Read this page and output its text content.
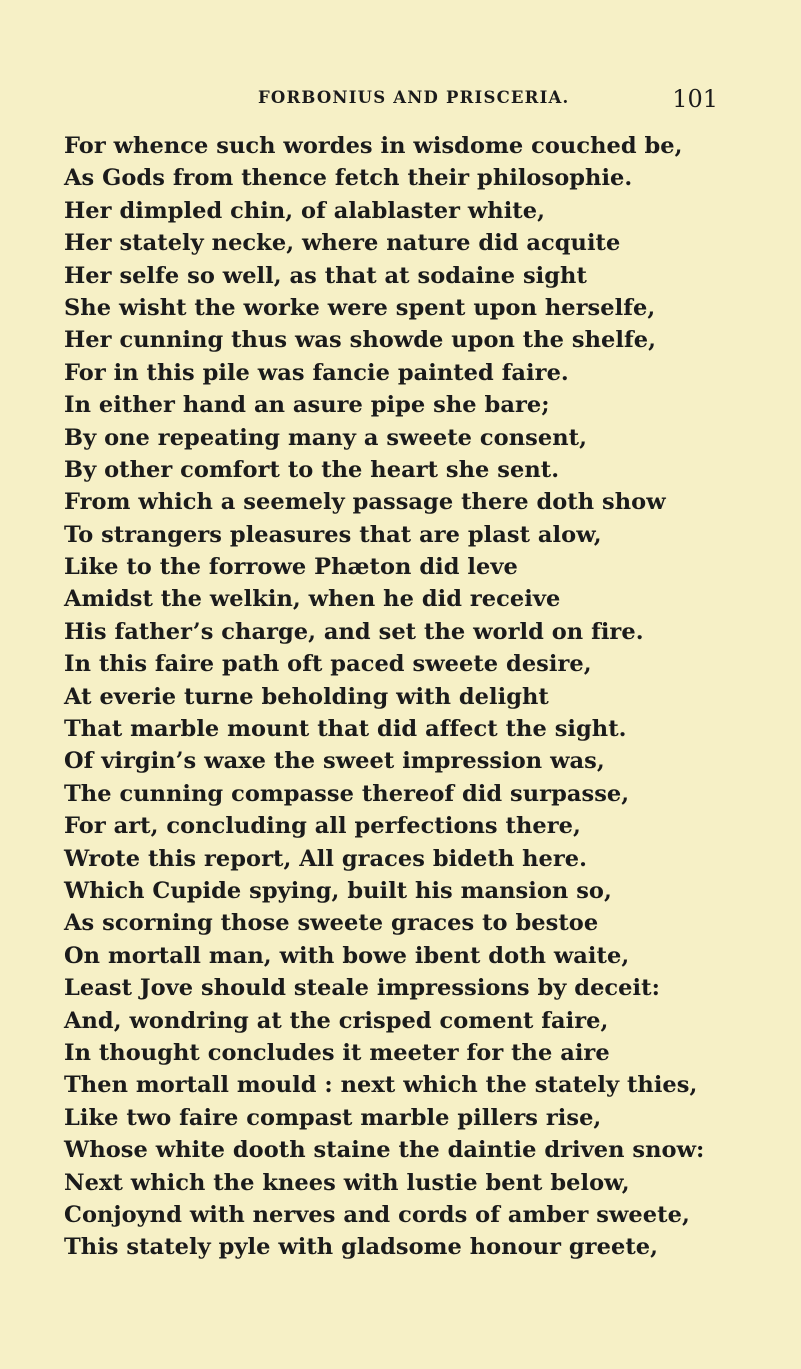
FORBONIUS AND PRISCERIA.	101
For whence such wordes in wisdome couched be,
As Gods from thence fetch their philosophie.
Her dimpled chin, of alablaster white,
Her stately necke, where nature did acquite
Her selfe so well, as that at sodaine sight
She wisht the worke were spent upon herselfe,
Her cunning thus was showde upon the shelfe,
For in this pile was fancie painted faire.
In either hand an asure pipe she bare;
By one repeating many a sweete consent,
By other comfort to the heart she sent.
From which a seemely passage there doth show
To strangers pleasures that are plast alow,
Like to the forrowe Phæton did leve
Amidst the welkin, when he did receive
His father’s charge, and set the world on fire.
In this faire path oft paced sweete desire,
At everie turne beholding with delight
That marble mount that did affect the sight.
Of virgin’s waxe the sweet impression was,
The cunning compasse thereof did surpasse,
For art, concluding all perfections there,
Wrote this report, All graces bideth here.
Which Cupide spying, built his mansion so,
As scorning those sweete graces to bestoe
On mortall man, with bowe ibent doth waite,
Least Jove should steale impressions by deceit:
And, wondring at the crisped coment faire,
In thought concludes it meeter for the aire
Then mortall mould : next which the stately thies,
Like two faire compast marble pillers rise,
Whose white dooth staine the daintie driven snow:
Next which the knees with lustie bent below,
Conjoynd with nerves and cords of amber sweete,
This stately pyle with gladsome honour greete,
